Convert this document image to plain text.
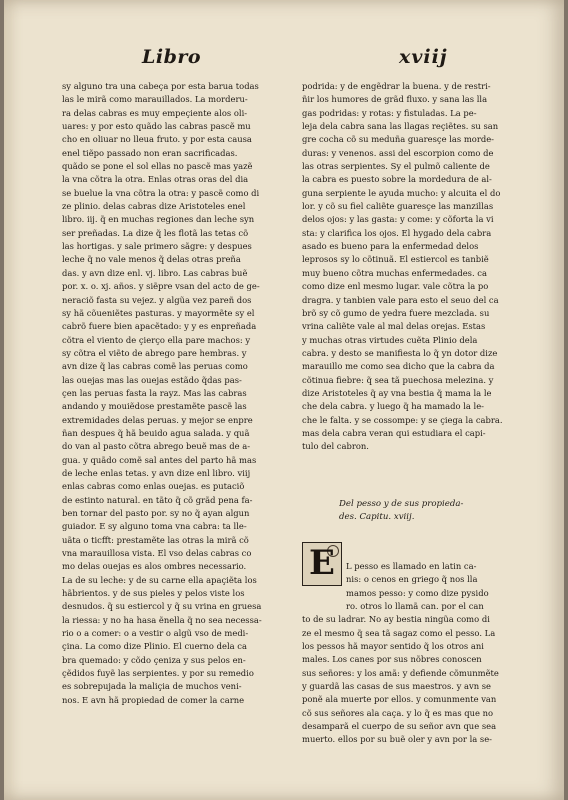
Libro	xviij
sy alguno tra una cabeça por esta barua todas
las le mirã como marauillados. La morderu-
ra delas cabras es muy empeçiente alos oli-
uares: y por esto quãdo las cabras pascẽ mu
cho en oliuar no lleua fruto. y por esta causa
enel tiẽpo passado non eran sacrificadas.
quãdo se pone el sol ellas no pascẽ mas yazẽ
la vna cõtra la otra. Enlas otras oras del dia
se buelue la vna cõtra la otra: y pascẽ como di
ze plinio. delas cabras dize Aristoteles enel
libro. iij. q̃ en muchas regiones dan leche syn
ser preñadas. La dize q̃ les flotã las tetas cõ
las hortigas. y sale primero sãgre: y despues
leche q̃ no vale menos q̃ delas otras preña
das. y avn dize enl. vj. libro. Las cabras buẽ
por. x. o. xj. años. y siẽpre vsan del acto de ge-
neraciõ fasta su vejez. y algũa vez pareñ dos
sy hã cõueniẽtes pasturas. y mayormẽte sy el
cabrõ fuere bien apacẽtado: y y es enpreñada
cõtra el viento de çierço ella pare machos: y
sy cõtra el viẽto de abrego pare hembras. y
avn dize q̃ las cabras comẽ las peruas como
las ouejas mas las ouejas estãdo q̃das pas-
çen las peruas fasta la rayz. Mas las cabras
andando y mouiẽdose prestamẽte pascẽ las
extremidades delas peruas. y mejor se enpre
ñan despues q̃ hã beuido agua salada. y quã
do van al pasto cõtra abrego beuẽ mas de a-
gua. y quãdo comẽ sal antes del parto hã mas
de leche enlas tetas. y avn dize enl libro. viij
enlas cabras como enlas ouejas. es putaciõ
de estinto natural. en tãto q̃ cõ grãd pena fa-
ben tornar del pasto por. sy no q̃ ayan algun
guiador. E sy alguno toma vna cabra: ta lle-
uãta o ticfft: prestamẽte las otras la mirã cõ
vna marauillosa vista. El vso delas cabras co
mo delas ouejas es alos ombres necessario.
La de su leche: y de su carne ella apaçiẽta los
hãbrientos. y de sus pieles y pelos viste los
desnudos. q̃ su estiercol y q̃ su vrina en gruesa
la riessa: y no ha hasa ẽnella q̃ no sea necessa-
rio o a comer: o a vestir o algũ vso de medi-
çina. La como dize Plinio. El cuerno dela ca
bra quemado: y cõdo çeniza y sus pelos en-
çẽdidos fuyẽ las serpientes. y por su remedio
es sobrepujada la maliçia de muchos veni-
nos. E avn hã propiedad de comer la carne
podrida: y de engẽdrar la buena. y de restri-
ñir los humores de grãd fluxo. y sana las lla
gas podridas: y rotas: y fistuladas. La pe-
leja dela cabra sana las llagas reçiẽtes. su san
gre cocha cõ su meduña guaresçe las morde-
duras: y venenos. assi del escorpion como de
las otras serpientes. Sy el pulmõ caliente de
la cabra es puesto sobre la mordedura de al-
guna serpiente le ayuda mucho: y alcuita el do
lor. y cõ su fiel caliẽte guaresçe las manzillas
delos ojos: y las gasta: y come: y cõforta la vi
sta: y clarifica los ojos. El hygado dela cabra
asado es bueno para la enfermedad delos
leprosos sy lo cõtinuã. El estiercol es tanbiẽ
muy bueno cõtra muchas enfermedades. ca
como dize enl mesmo lugar. vale cõtra la po
dragra. y tanbien vale para esto el seuo del ca
brõ sy cõ gumo de yedra fuere mezclada. su
vrina caliẽte vale al mal delas orejas. Estas
y muchas otras virtudes cuẽta Plinio dela
cabra. y desto se manifiesta lo q̃ yn dotor dize
marauillo me como sea dicho que la cabra da
cõtinua fiebre: q̃ sea tã puechosa melezina. y
dize Aristoteles q̃ ay vna bestia q̃ mama la le
che dela cabra. y luego q̃ ha mamado la le-
che le falta. y se cossompe: y se çiega la cabra.
mas dela cabra veran qui estudiara el capi-
tulo del cabron.
Del pesso y de sus propieda-
des. Capitu. xviij.
E	L pesso es llamado en latin ca-
nis: o cenos en griego q̃ nos lla
mamos pesso: y como dize pysido
ro. otros lo llamã can. por el can
to de su ladrar. No ay bestia ningũa como di
ze el mesmo q̃ sea tã sagaz como el pesso. La
los pessos hã mayor sentido q̃ los otros ani
males. Los canes por sus nõbres conoscen
sus señores: y los amã: y defiende cõmunmẽte
y guardã las casas de sus maestros. y avn se
ponẽ ala muerte por ellos. y comunmente van
cõ sus señores ala caça. y lo q̃ es mas que no
desamparã el cuerpo de su señor avn que sea
muerto. ellos por su buẽ oler y avn por la se-
